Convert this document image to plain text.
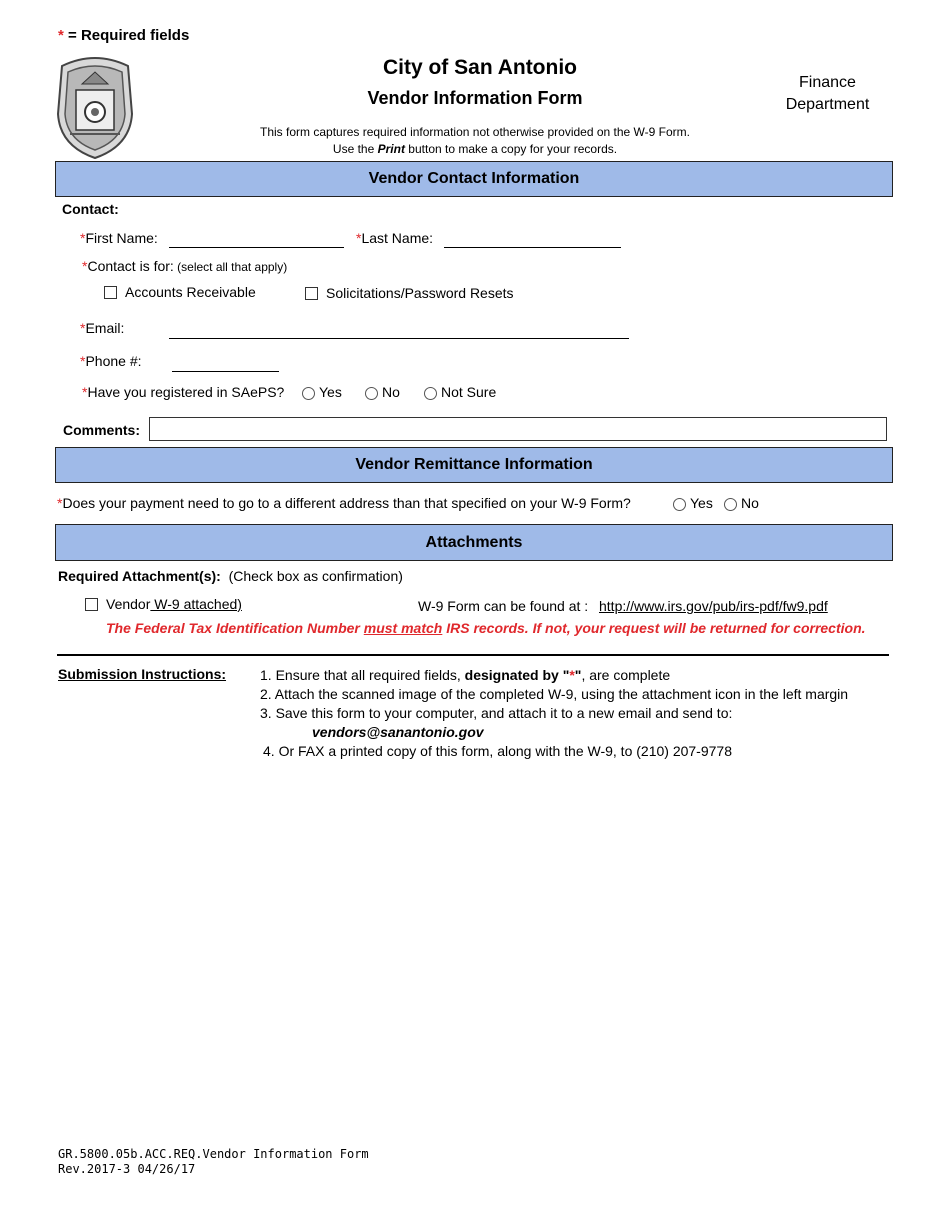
* = Required fields
City of San Antonio
Vendor Information Form
Finance
Department
This form captures required information not otherwise provided on the W-9 Form.
Use the Print button to make a copy for your records.
Vendor Contact Information
Contact:
*First Name:	*Last Name:
*Contact is for: (select all that apply)
Accounts Receivable	Solicitations/Password Resets
*Email:
*Phone #:
*Have you registered in SAePS? Yes	No	Not Sure
Comments:
Vendor Remittance Information
*Does your payment need to go to a different address than that specified on your W-9 Form?	Yes No
Attachments
Required Attachment(s): (Check box as confirmation)
Vendor W-9 attached)	W-9 Form can be found at : http://www.irs.gov/pub/irs-pdf/fw9.pdf
The Federal Tax Identification Number must match IRS records. If not, your request will be returned for correction.
Submission Instructions: 1. Ensure that all required fields, designated by "*", are complete
2. Attach the scanned image of the completed W-9, using the attachment icon in the left margin
3. Save this form to your computer, and attach it to a new email and send to:
vendors@sanantonio.gov
4. Or FAX a printed copy of this form, along with the W-9, to (210) 207-9778
GR.5800.05b.ACC.REQ.Vendor Information Form
Rev.2017-3 04/26/17
